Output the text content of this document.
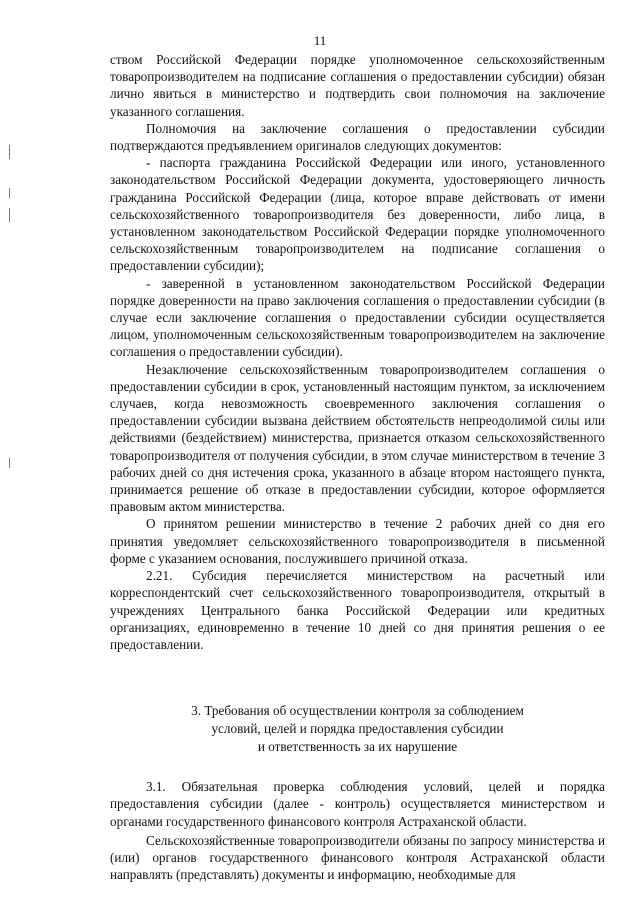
11

ством Российской Федерации порядке уполномоченное сельскохозяйственным товаропроизводителем на подписание соглашения о предоставлении субсидии) обязан лично явиться в министерство и подтвердить свои полномочия на заключение указанного соглашения.

Полномочия на заключение соглашения о предоставлении субсидии подтверждаются предъявлением оригиналов следующих документов:

- паспорта гражданина Российской Федерации или иного, установленного законодательством Российской Федерации документа, удостоверяющего личность гражданина Российской Федерации (лица, которое вправе действовать от имени сельскохозяйственного товаропроизводителя без доверенности, либо лица, в установленном законодательством Российской Федерации порядке уполномоченного сельскохозяйственным товаропроизводителем на подписание соглашения о предоставлении субсидии);

- заверенной в установленном законодательством Российской Федерации порядке доверенности на право заключения соглашения о предоставлении субсидии (в случае если заключение соглашения о предоставлении субсидии осуществляется лицом, уполномоченным сельскохозяйственным товаропроизводителем на заключение соглашения о предоставлении субсидии).

Незаключение сельскохозяйственным товаропроизводителем соглашения о предоставлении субсидии в срок, установленный настоящим пунктом, за исключением случаев, когда невозможность своевременного заключения соглашения о предоставлении субсидии вызвана действием обстоятельств непреодолимой силы или действиями (бездействием) министерства, признается отказом сельскохозяйственного товаропроизводителя от получения субсидии, в этом случае министерством в течение 3 рабочих дней со дня истечения срока, указанного в абзаце втором настоящего пункта, принимается решение об отказе в предоставлении субсидии, которое оформляется правовым актом министерства.

О принятом решении министерство в течение 2 рабочих дней со дня его принятия уведомляет сельскохозяйственного товаропроизводителя в письменной форме с указанием основания, послужившего причиной отказа.

2.21. Субсидия перечисляется министерством на расчетный или корреспондентский счет сельскохозяйственного товаропроизводителя, открытый в учреждениях Центрального банка Российской Федерации или кредитных организациях, единовременно в течение 10 дней со дня принятия решения о ее предоставлении.

3. Требования об осуществлении контроля за соблюдением
условий, целей и порядка предоставления субсидии
и ответственность за их нарушение

3.1. Обязательная проверка соблюдения условий, целей и порядка предоставления субсидии (далее - контроль) осуществляется министерством и органами государственного финансового контроля Астраханской области.

Сельскохозяйственные товаропроизводители обязаны по запросу министерства и (или) органов государственного финансового контроля Астраханской области направлять (представлять) документы и информацию, необходимые для
